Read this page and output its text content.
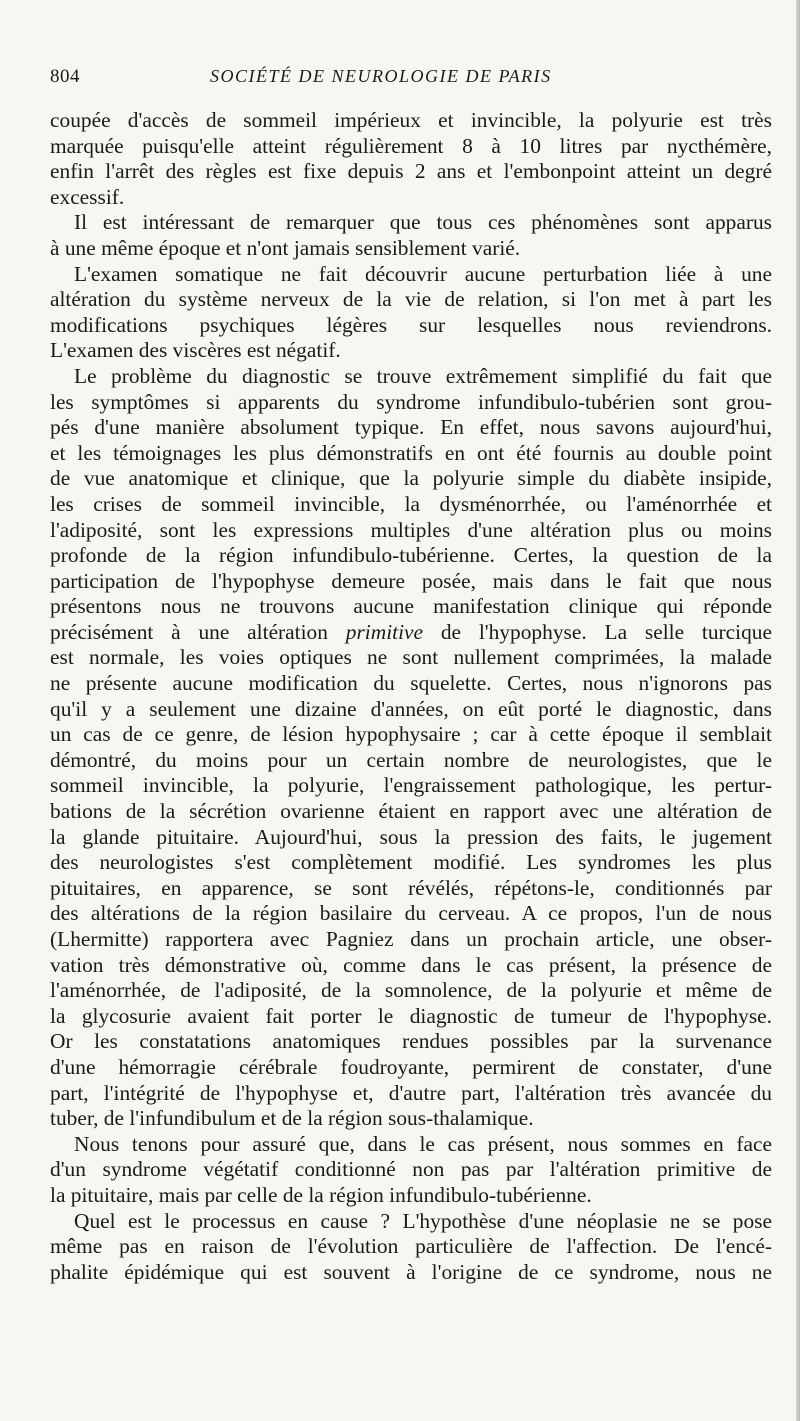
804	SOCIÉTÉ DE NEUROLOGIE DE PARIS
coupée d'accès de sommeil impérieux et invincible, la polyurie est très
marquée puisqu'elle atteint régulièrement 8 à 10 litres par nycthémère,
enfin l'arrêt des règles est fixe depuis 2 ans et l'embonpoint atteint un degré
excessif.
Il est intéressant de remarquer que tous ces phénomènes sont apparus
à une même époque et n'ont jamais sensiblement varié.
L'examen somatique ne fait découvrir aucune perturbation liée à une
altération du système nerveux de la vie de relation, si l'on met à part les
modifications psychiques légères sur lesquelles nous reviendrons.
L'examen des viscères est négatif.
Le problème du diagnostic se trouve extrêmement simplifié du fait que
les symptômes si apparents du syndrome infundibulo-tubérien sont grou-
pés d'une manière absolument typique. En effet, nous savons aujourd'hui,
et les témoignages les plus démonstratifs en ont été fournis au double point
de vue anatomique et clinique, que la polyurie simple du diabète insipide,
les crises de sommeil invincible, la dysménorrhée, ou l'aménorrhée et
l'adiposité, sont les expressions multiples d'une altération plus ou moins
profonde de la région infundibulo-tubérienne. Certes, la question de la
participation de l'hypophyse demeure posée, mais dans le fait que nous
présentons nous ne trouvons aucune manifestation clinique qui réponde
précisément à une altération primitive de l'hypophyse. La selle turcique
est normale, les voies optiques ne sont nullement comprimées, la malade
ne présente aucune modification du squelette. Certes, nous n'ignorons pas
qu'il y a seulement une dizaine d'années, on eût porté le diagnostic, dans
un cas de ce genre, de lésion hypophysaire ; car à cette époque il semblait
démontré, du moins pour un certain nombre de neurologistes, que le
sommeil invincible, la polyurie, l'engraissement pathologique, les pertur-
bations de la sécrétion ovarienne étaient en rapport avec une altération de
la glande pituitaire. Aujourd'hui, sous la pression des faits, le jugement
des neurologistes s'est complètement modifié. Les syndromes les plus
pituitaires, en apparence, se sont révélés, répétons-le, conditionnés par
des altérations de la région basilaire du cerveau. A ce propos, l'un de nous
(Lhermitte) rapportera avec Pagniez dans un prochain article, une obser-
vation très démonstrative où, comme dans le cas présent, la présence de
l'aménorrhée, de l'adiposité, de la somnolence, de la polyurie et même de
la glycosurie avaient fait porter le diagnostic de tumeur de l'hypophyse.
Or les constatations anatomiques rendues possibles par la survenance
d'une hémorragie cérébrale foudroyante, permirent de constater, d'une
part, l'intégrité de l'hypophyse et, d'autre part, l'altération très avancée du
tuber, de l'infundibulum et de la région sous-thalamique.
Nous tenons pour assuré que, dans le cas présent, nous sommes en face
d'un syndrome végétatif conditionné non pas par l'altération primitive de
la pituitaire, mais par celle de la région infundibulo-tubérienne.
Quel est le processus en cause ? L'hypothèse d'une néoplasie ne se pose
même pas en raison de l'évolution particulière de l'affection. De l'encé-
phalite épidémique qui est souvent à l'origine de ce syndrome, nous ne
